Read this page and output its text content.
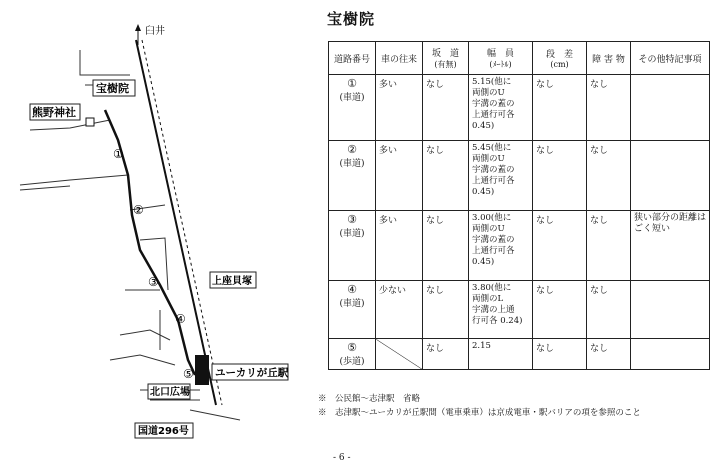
臼井
宝樹院
熊野神社
上座貝塚
ユーカリが丘駅
北口広場
国道296号
①
②
③
④
⑤
宝樹院
道路番号	車の往来	坂　道
(有無)	幅　員
(ﾒｰﾄﾙ)	段　差
(cm)	障 害 物	その他特記事項

①
(車道)	多い	なし	5.15(他に
両側のU
宇溝の蓋の
上通行可各
0.45)	なし	なし	

②
(車道)	多い	なし	5.45(他に
両側のU
宇溝の蓋の
上通行可各
0.45)	なし	なし	

③
(車道)	多い	なし	3.00(他に
両側のU
宇溝の蓋の
上通行可各
0.45)	なし	なし	狭い部分の距離はごく短い

④
(車道)	少ない	なし	3.80(他に
両側のL
宇溝の上通
行可各 0.24)	なし	なし	

⑤
(歩道)		なし	2.15	なし	なし	
※　公民館～志津駅　省略
※　志津駅～ユーカリが丘駅間（電車乗車）は京成電車・駅バリアの項を参照のこと
- 6 -
